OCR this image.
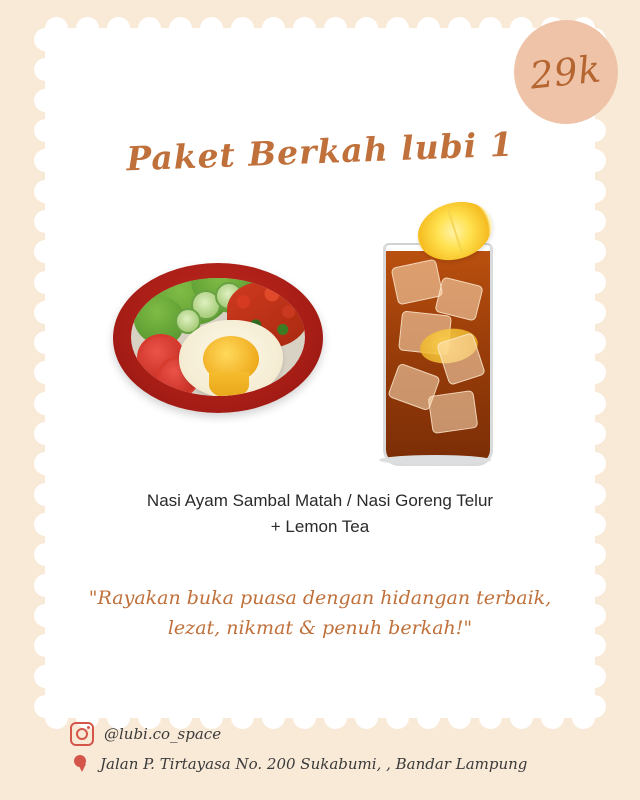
Paket Berkah lubi 1
Nasi Ayam Sambal Matah / Nasi Goreng Telur
+ Lemon Tea
"Rayakan buka puasa dengan hidangan terbaik,
lezat, nikmat & penuh berkah!"
29k
@lubi.co_space
Jalan P. Tirtayasa No. 200 Sukabumi, , Bandar Lampung
